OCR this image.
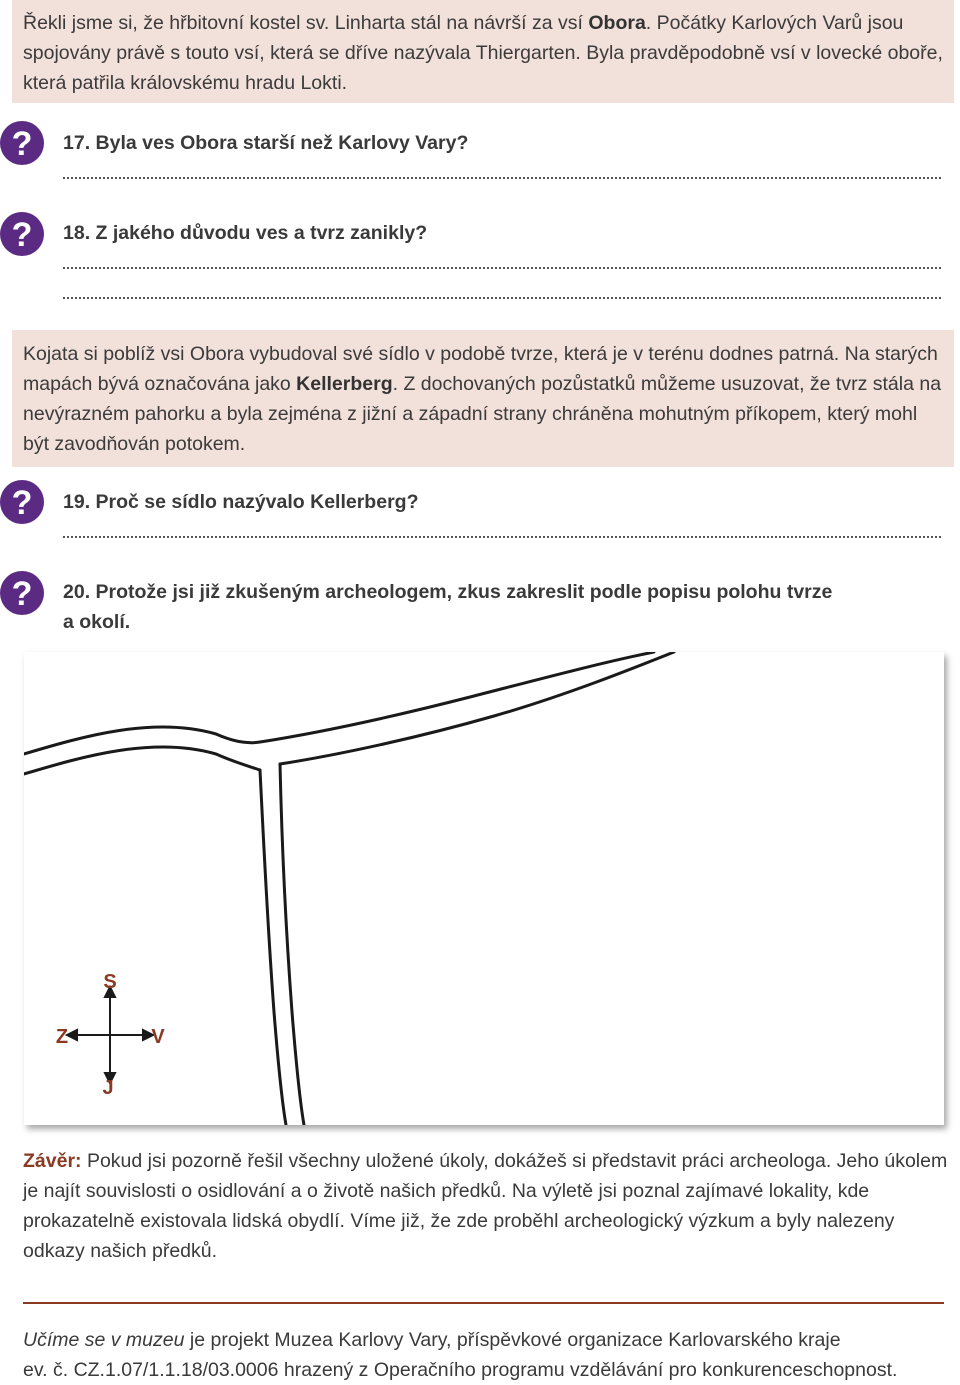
Řekli jsme si, že hřbitovní kostel sv. Linharta stál na návrší za vsí Obora. Počátky Karlových Varů jsou spojovány právě s touto vsí, která se dříve nazývala Thiergarten. Byla pravděpodobně vsí v lovecké oboře, která patřila královskému hradu Lokti.
? 17. Byla ves Obora starší než Karlovy Vary?
? 18. Z jakého důvodu ves a tvrz zanikly?
Kojata si poblíž vsi Obora vybudoval své sídlo v podobě tvrze, která je v terénu dodnes patrná. Na starých mapách bývá označována jako Kellerberg. Z dochovaných pozůstatků můžeme usuzovat, že tvrz stála na nevýrazném pahorku a byla zejména z jižní a západní strany chráněna mohutným příkopem, který mohl být zavodňován potokem.
? 19. Proč se sídlo nazývalo Kellerberg?
? 20. Protože jsi již zkušeným archeologem, zkus zakreslit podle popisu polohu tvrze
a okolí.
S
J
Z	V
Závěr: Pokud jsi pozorně řešil všechny uložené úkoly, dokážeš si představit práci archeologa. Jeho úkolem je najít souvislosti o osidlování a o životě našich předků. Na výletě jsi poznal zajímavé lokality, kde prokazatelně existovala lidská obydlí. Víme již, že zde proběhl archeologický výzkum a byly nalezeny odkazy našich předků.
Učíme se v muzeu je projekt Muzea Karlovy Vary, příspěvkové organizace Karlovarského kraje
ev. č. CZ.1.07/1.1.18/03.0006 hrazený z Operačního programu vzdělávání pro konkurenceschopnost.
